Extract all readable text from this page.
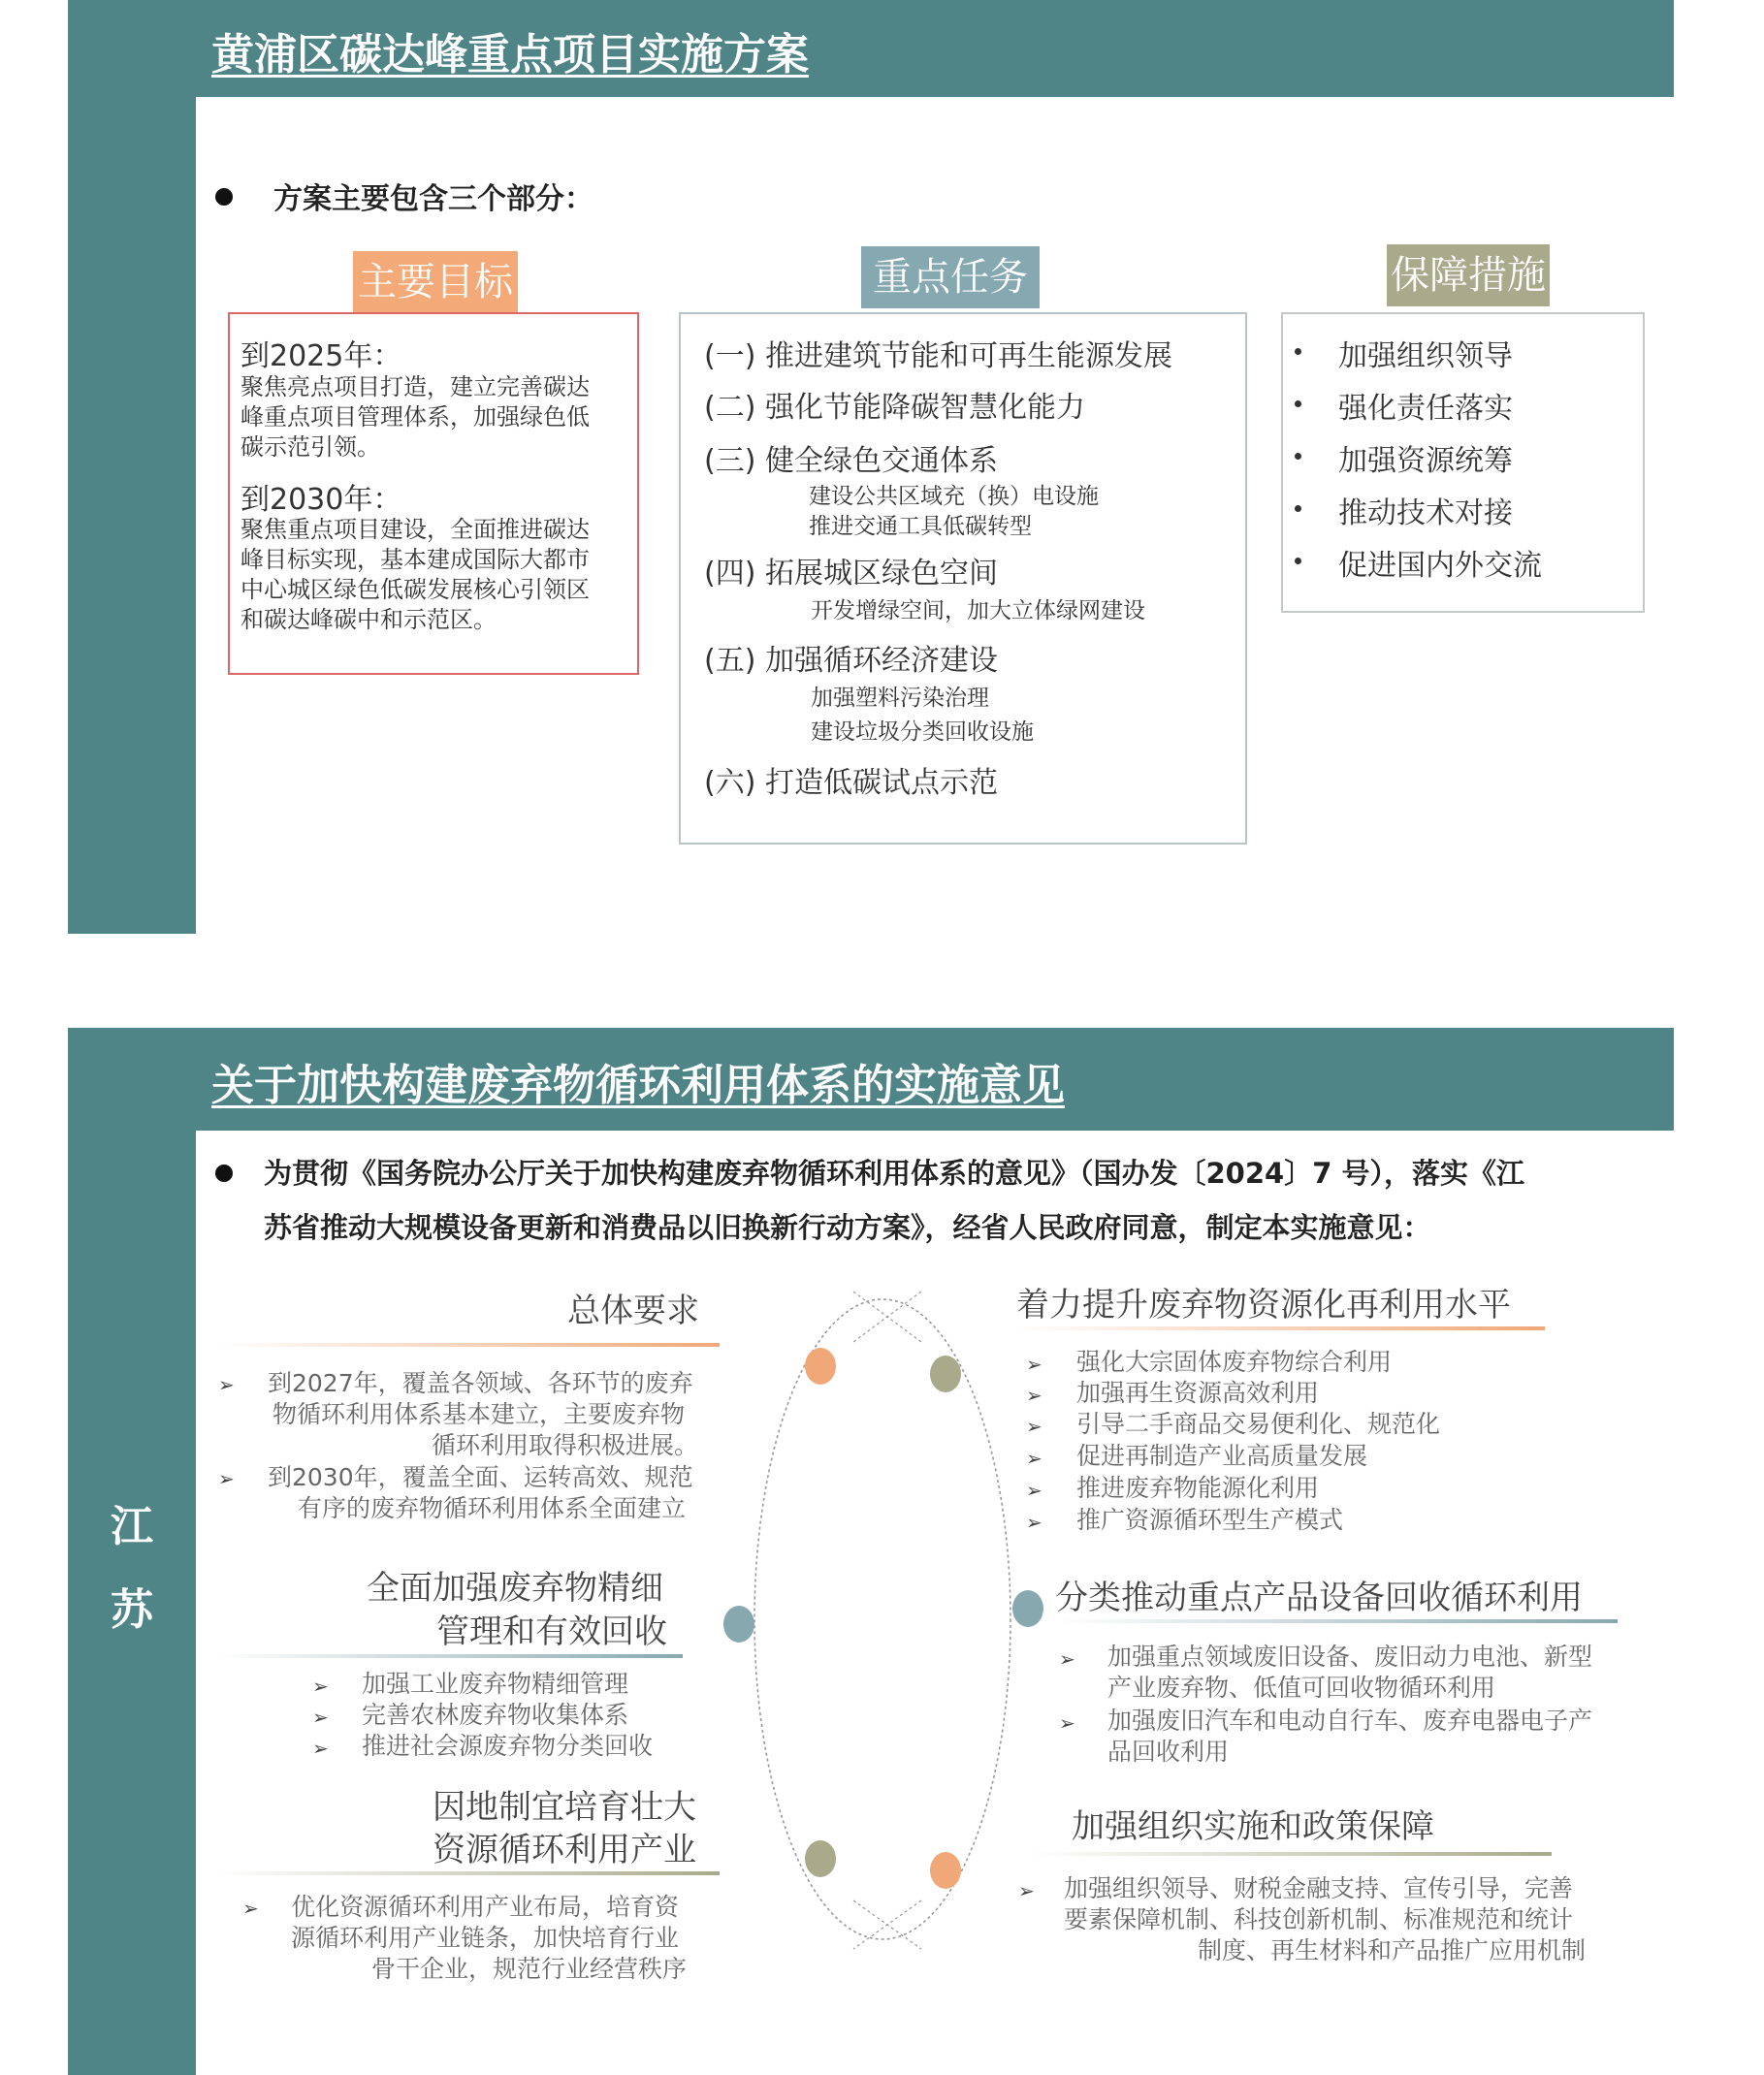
黄浦区碳达峰重点项目实施方案
方案主要包含三个部分：
主要目标
到2025年：
聚焦亮点项目打造，建立完善碳达
峰重点项目管理体系，加强绿色低
碳示范引领。
到2030年：
聚焦重点项目建设，全面推进碳达
峰目标实现，基本建成国际大都市
中心城区绿色低碳发展核心引领区
和碳达峰碳中和示范区。
重点任务
(一) 推进建筑节能和可再生能源发展
(二) 强化节能降碳智慧化能力
(三) 健全绿色交通体系
建设公共区域充（换）电设施
推进交通工具低碳转型
(四) 拓展城区绿色空间
开发增绿空间，加大立体绿网建设
(五) 加强循环经济建设
加强塑料污染治理
建设垃圾分类回收设施
(六) 打造低碳试点示范
保障措施
加强组织领导
强化责任落实
加强资源统筹
推动技术对接
促进国内外交流
关于加快构建废弃物循环利用体系的实施意见
江
苏
为贯彻《国务院办公厅关于加快构建废弃物循环利用体系的意见》（国办发〔2024〕7 号），落实《江
苏省推动大规模设备更新和消费品以旧换新行动方案》，经省人民政府同意，制定本实施意见：
总体要求
➢ 到2027年，覆盖各领域、各环节的废弃
物循环利用体系基本建立，主要废弃物
循环利用取得积极进展。
➢ 到2030年，覆盖全面、运转高效、规范
有序的废弃物循环利用体系全面建立
全面加强废弃物精细
管理和有效回收
➢ 加强工业废弃物精细管理
➢ 完善农林废弃物收集体系
➢ 推进社会源废弃物分类回收
因地制宜培育壮大
资源循环利用产业
➢ 优化资源循环利用产业布局，培育资
源循环利用产业链条，加快培育行业
骨干企业，规范行业经营秩序
着力提升废弃物资源化再利用水平
➢ 强化大宗固体废弃物综合利用
➢ 加强再生资源高效利用
➢ 引导二手商品交易便利化、规范化
➢ 促进再制造产业高质量发展
➢ 推进废弃物能源化利用
➢ 推广资源循环型生产模式
分类推动重点产品设备回收循环利用
➢ 加强重点领域废旧设备、废旧动力电池、新型
产业废弃物、低值可回收物循环利用
➢ 加强废旧汽车和电动自行车、废弃电器电子产
品回收利用
加强组织实施和政策保障
➢ 加强组织领导、财税金融支持、宣传引导，完善
要素保障机制、科技创新机制、标准规范和统计
制度、再生材料和产品推广应用机制
